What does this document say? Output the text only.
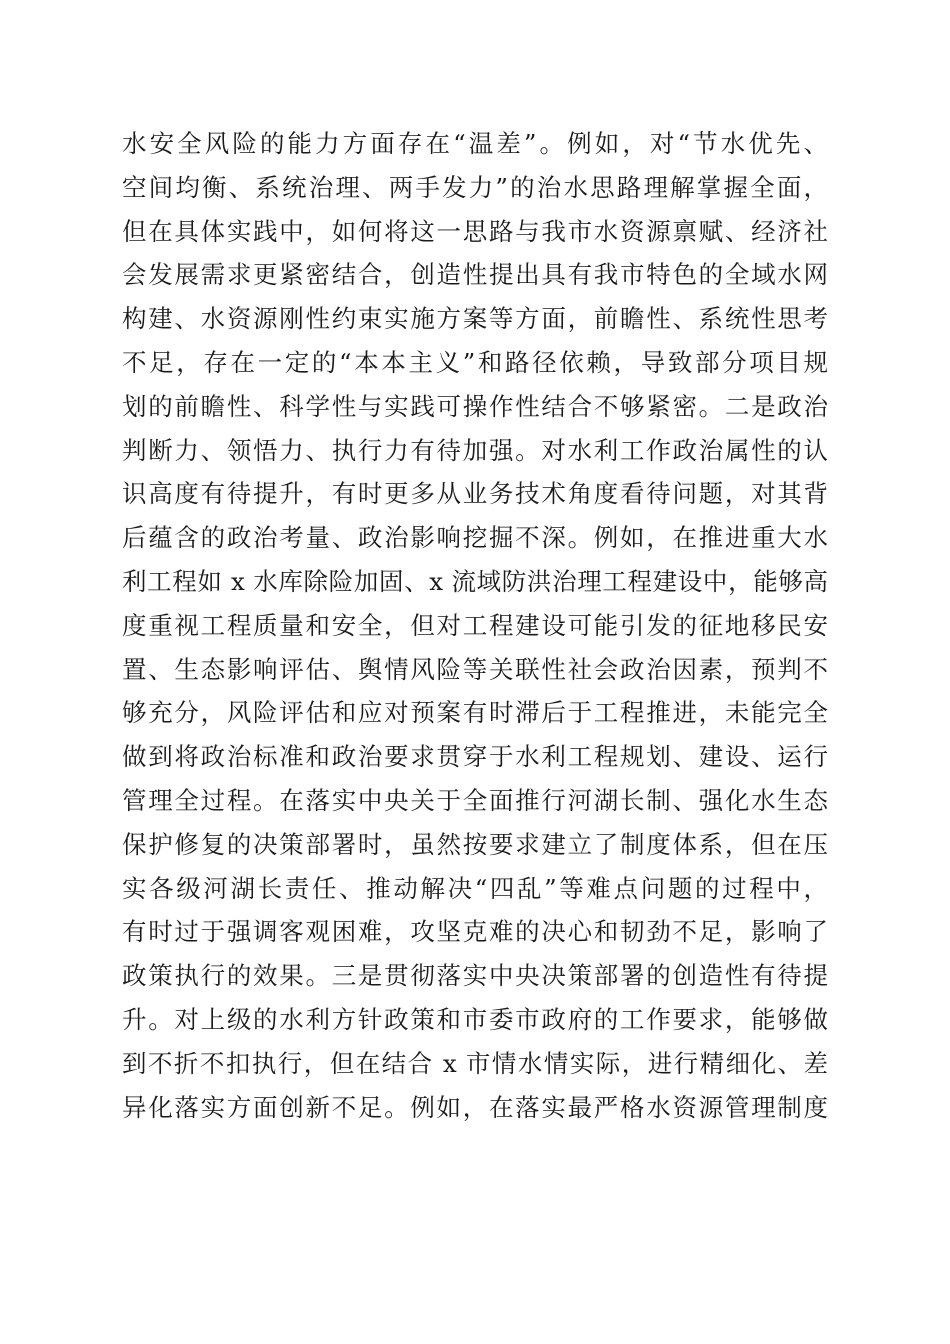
水安全风险的能力方面存在“温差”。例如，对“节水优先、
空间均衡、系统治理、两手发力”的治水思路理解掌握全面，
但在具体实践中，如何将这一思路与我市水资源禀赋、经济社
会发展需求更紧密结合，创造性提出具有我市特色的全域水网
构建、水资源刚性约束实施方案等方面，前瞻性、系统性思考
不足，存在一定的“本本主义”和路径依赖，导致部分项目规
划的前瞻性、科学性与实践可操作性结合不够紧密。二是政治
判断力、领悟力、执行力有待加强。对水利工作政治属性的认
识高度有待提升，有时更多从业务技术角度看待问题，对其背
后蕴含的政治考量、政治影响挖掘不深。例如，在推进重大水
利工程如 x 水库除险加固、x 流域防洪治理工程建设中，能够高
度重视工程质量和安全，但对工程建设可能引发的征地移民安
置、生态影响评估、舆情风险等关联性社会政治因素，预判不
够充分，风险评估和应对预案有时滞后于工程推进，未能完全
做到将政治标准和政治要求贯穿于水利工程规划、建设、运行
管理全过程。在落实中央关于全面推行河湖长制、强化水生态
保护修复的决策部署时，虽然按要求建立了制度体系，但在压
实各级河湖长责任、推动解决“四乱”等难点问题的过程中，
有时过于强调客观困难，攻坚克难的决心和韧劲不足，影响了
政策执行的效果。三是贯彻落实中央决策部署的创造性有待提
升。对上级的水利方针政策和市委市政府的工作要求，能够做
到不折不扣执行，但在结合 x 市情水情实际，进行精细化、差
异化落实方面创新不足。例如，在落实最严格水资源管理制度
